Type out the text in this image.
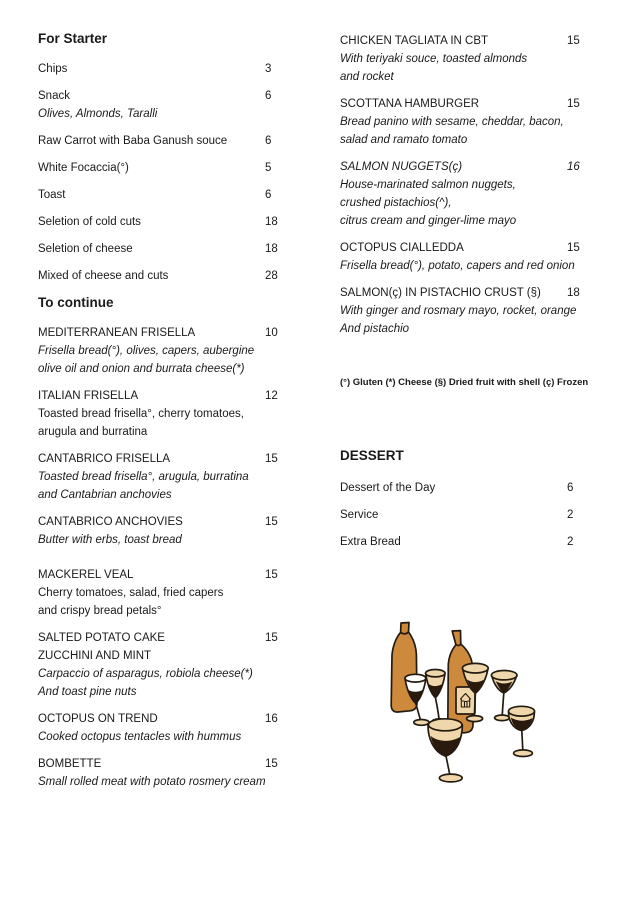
For Starter
Chips	3
Snack	6
Olives, Almonds, Taralli
Raw Carrot with Baba Ganush souce	6
White Focaccia(°)	5
Toast	6
Seletion of cold cuts	18
Seletion of cheese	18
Mixed of cheese and cuts	28
To continue
MEDITERRANEAN FRISELLA	10
Frisella bread(°), olives, capers, aubergine
olive oil and onion and burrata cheese(*)
ITALIAN FRISELLA	12
Toasted bread frisella°, cherry tomatoes,
arugula and burratina
CANTABRICO FRISELLA	15
Toasted bread frisella°, arugula, burratina
and Cantabrian anchovies
CANTABRICO ANCHOVIES	15
Butter with erbs, toast bread
MACKEREL VEAL	15
Cherry tomatoes, salad, fried capers
and crispy bread petals°
SALTED POTATO CAKE	15
ZUCCHINI AND MINT
Carpaccio of asparagus, robiola cheese(*)
And toast pine nuts
OCTOPUS ON TREND	16
Cooked octopus tentacles with hummus
BOMBETTE	15
Small rolled meat with potato rosmery cream
CHICKEN TAGLIATA IN CBT	15
With teriyaki souce, toasted almonds
and rocket
SCOTTANA HAMBURGER	15
Bread panino with sesame, cheddar, bacon,
salad and ramato tomato
SALMON NUGGETS(ç)	16
House-marinated salmon nuggets,
crushed pistachios(^),
citrus cream and ginger-lime mayo
OCTOPUS CIALLEDDA	15
Frisella bread(°), potato, capers and red onion
SALMON(ç) IN PISTACHIO CRUST (§) 18
With ginger and rosmary mayo, rocket, orange
And pistachio
(°) Gluten (*) Cheese (§) Dried fruit with shell (ç) Frozen
DESSERT
Dessert of the Day	6
Service	2
Extra Bread	2
